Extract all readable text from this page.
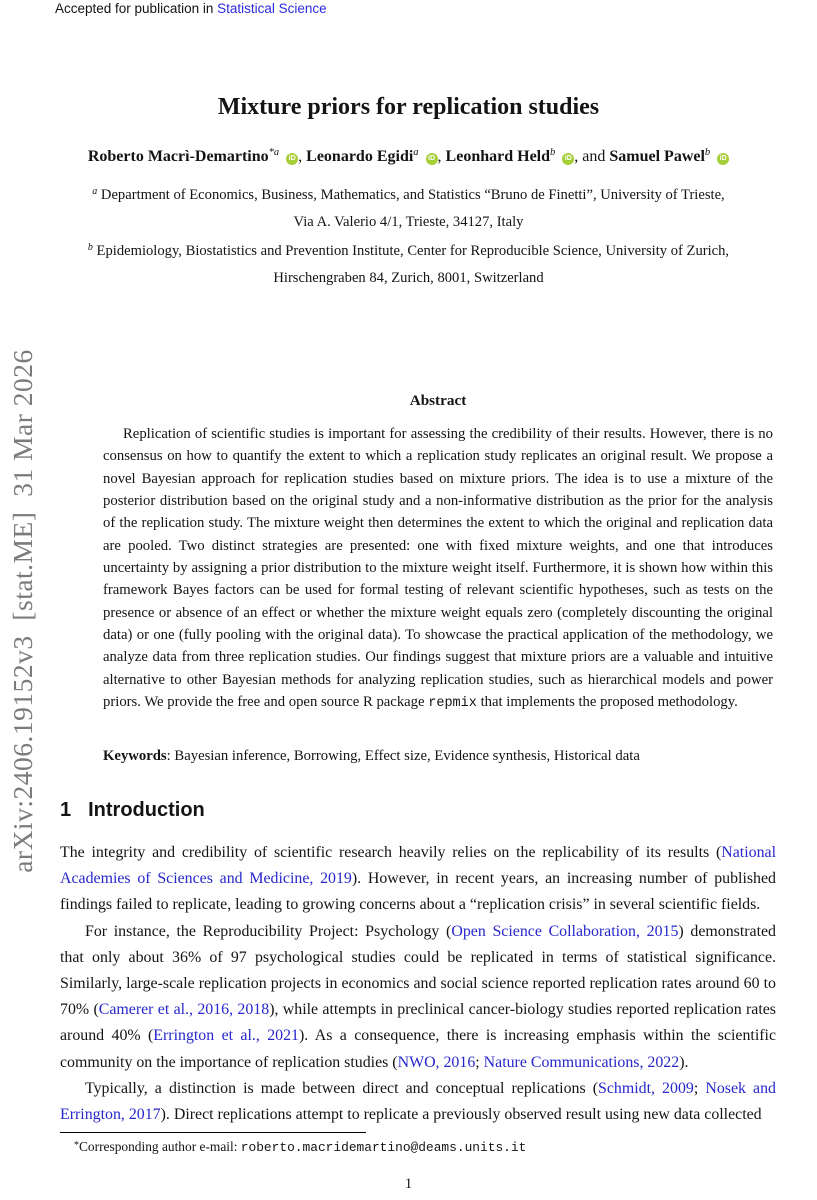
Accepted for publication in Statistical Science
arXiv:2406.19152v3  [stat.ME]  31 Mar 2026
Mixture priors for replication studies
Roberto Macrì-Demartino$^{*a}$ iD , Leonardo Egidi$^a$ iD , Leonhard Held$^b$ iD , and Samuel Pawel$^b$ iD
$^a$ Department of Economics, Business, Mathematics, and Statistics “Bruno de Finetti”, University of Trieste,
Via A. Valerio 4/1, Trieste, 34127, Italy
$^b$ Epidemiology, Biostatistics and Prevention Institute, Center for Reproducible Science, University of Zurich,
Hirschengraben 84, Zurich, 8001, Switzerland
Abstract

Replication of scientific studies is important for assessing the credibility of their results. However, there is no consensus on how to quantify the extent to which a replication study replicates an original result. We propose a novel Bayesian approach for replication studies based on mixture priors. The idea is to use a mixture of the posterior distribution based on the original study and a non-informative distribution as the prior for the analysis of the replication study. The mixture weight then determines the extent to which the original and replication data are pooled. Two distinct strategies are presented: one with fixed mixture weights, and one that introduces uncertainty by assigning a prior distribution to the mixture weight itself. Furthermore, it is shown how within this framework Bayes factors can be used for formal testing of relevant scientific hypotheses, such as tests on the presence or absence of an effect or whether the mixture weight equals zero (completely discounting the original data) or one (fully pooling with the original data). To showcase the practical application of the methodology, we analyze data from three replication studies. Our findings suggest that mixture priors are a valuable and intuitive alternative to other Bayesian methods for analyzing replication studies, such as hierarchical models and power priors. We provide the free and open source R package repmix that implements the proposed methodology.

Keywords: Bayesian inference, Borrowing, Effect size, Evidence synthesis, Historical data
1 Introduction

The integrity and credibility of scientific research heavily relies on the replicability of its results (National Academies of Sciences and Medicine, 2019). However, in recent years, an increasing number of published findings failed to replicate, leading to growing concerns about a “replication crisis” in several scientific fields.

For instance, the Reproducibility Project: Psychology (Open Science Collaboration, 2015) demonstrated that only about 36% of 97 psychological studies could be replicated in terms of statistical significance. Similarly, large-scale replication projects in economics and social science reported replication rates around 60 to 70% (Camerer et al., 2016, 2018), while attempts in preclinical cancer-biology studies reported replication rates around 40% (Errington et al., 2021). As a consequence, there is increasing emphasis within the scientific community on the importance of replication studies (NWO, 2016; Nature Communications, 2022).

Typically, a distinction is made between direct and conceptual replications (Schmidt, 2009; Nosek and Errington, 2017). Direct replications attempt to replicate a previously observed result using new data collected

*Corresponding author e-mail: roberto.macridemartino@deams.units.it
1
